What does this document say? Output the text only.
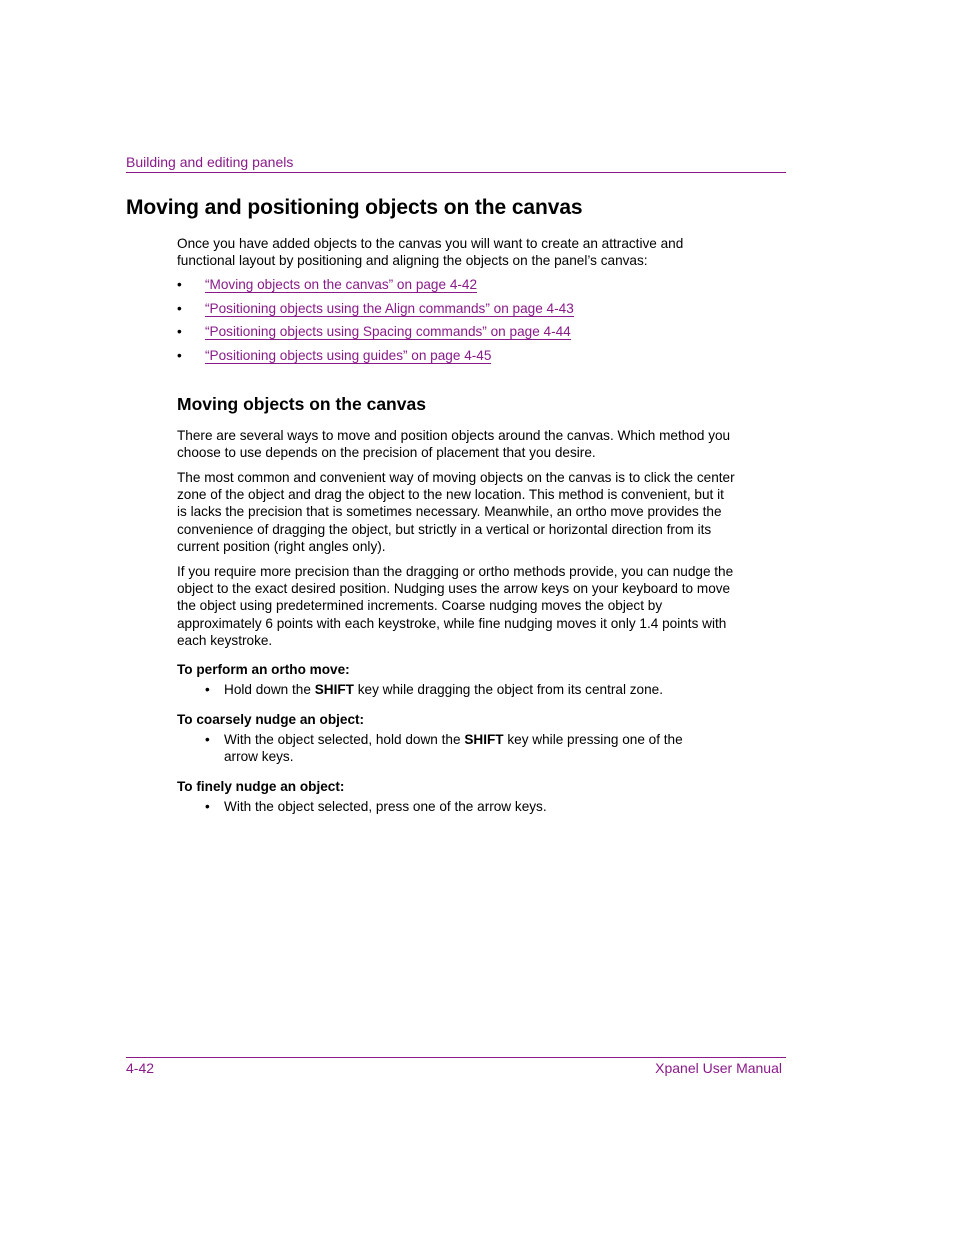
Building and editing panels
Moving and positioning objects on the canvas

Once you have added objects to the canvas you will want to create an attractive and functional layout by positioning and aligning the objects on the panel’s canvas:

• “Moving objects on the canvas” on page 4-42
• “Positioning objects using the Align commands” on page 4-43
• “Positioning objects using Spacing commands” on page 4-44
• “Positioning objects using guides” on page 4-45
Moving objects on the canvas

There are several ways to move and position objects around the canvas. Which method you choose to use depends on the precision of placement that you desire.

The most common and convenient way of moving objects on the canvas is to click the center zone of the object and drag the object to the new location. This method is convenient, but it is lacks the precision that is sometimes necessary. Meanwhile, an ortho move provides the convenience of dragging the object, but strictly in a vertical or horizontal direction from its current position (right angles only).

If you require more precision than the dragging or ortho methods provide, you can nudge the object to the exact desired position. Nudging uses the arrow keys on your keyboard to move the object using predetermined increments. Coarse nudging moves the object by approximately 6 points with each keystroke, while fine nudging moves it only 1.4 points with each keystroke.

To perform an ortho move:
• Hold down the SHIFT key while dragging the object from its central zone.
To coarsely nudge an object:
• With the object selected, hold down the SHIFT key while pressing one of the arrow keys.
To finely nudge an object:
• With the object selected, press one of the arrow keys.
4-42	Xpanel User Manual
